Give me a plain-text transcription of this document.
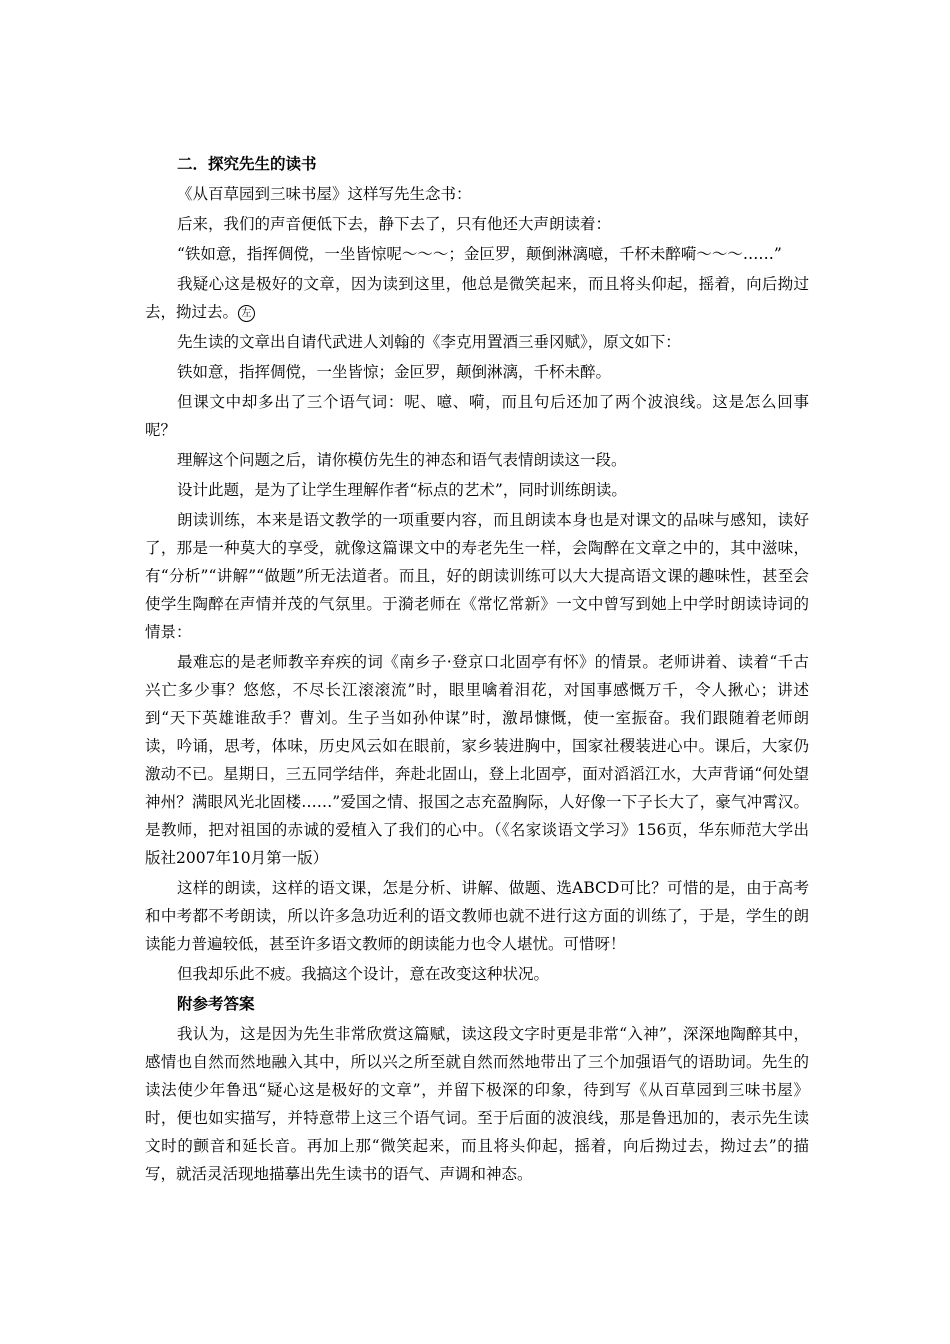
二．探究先生的读书

《从百草园到三味书屋》这样写先生念书：

后来，我们的声音便低下去，静下去了，只有他还大声朗读着：

“铁如意，指挥倜傥，一坐皆惊呢～～～；金叵罗，颠倒淋漓噫，千杯未醉嗬～～～……”

我疑心这是极好的文章，因为读到这里，他总是微笑起来，而且将头仰起，摇着，向后拗过去，拗过去。 左

先生读的文章出自请代武进人刘翰的《李克用置酒三垂冈赋》，原文如下：

铁如意，指挥倜傥，一坐皆惊；金叵罗，颠倒淋漓，千杯未醉。

但课文中却多出了三个语气词：呢、噫、嗬，而且句后还加了两个波浪线。这是怎么回事呢？

理解这个问题之后，请你模仿先生的神态和语气表情朗读这一段。

设计此题，是为了让学生理解作者“标点的艺术”，同时训练朗读。

朗读训练，本来是语文教学的一项重要内容，而且朗读本身也是对课文的品味与感知，读好了，那是一种莫大的享受，就像这篇课文中的寿老先生一样，会陶醉在文章之中的，其中滋味，有“分析”“讲解”“做题”所无法道者。而且，好的朗读训练可以大大提高语文课的趣味性，甚至会使学生陶醉在声情并茂的气氛里。于漪老师在《常忆常新》一文中曾写到她上中学时朗读诗词的情景：

最难忘的是老师教辛弃疾的词《南乡子·登京口北固亭有怀》的情景。老师讲着、读着“千古兴亡多少事？悠悠，不尽长江滚滚流”时，眼里噙着泪花，对国事感慨万千，令人揪心；讲述到“天下英雄谁敌手？曹刘。生子当如孙仲谋”时，激昂慷慨，使一室振奋。我们跟随着老师朗读，吟诵，思考，体味，历史风云如在眼前，家乡装进胸中，国家社稷装进心中。课后，大家仍激动不已。星期日，三五同学结伴，奔赴北固山，登上北固亭，面对滔滔江水，大声背诵“何处望神州？满眼风光北固楼……”爱国之情、报国之志充盈胸际，人好像一下子长大了，豪气冲霄汉。是教师，把对祖国的赤诚的爱植入了我们的心中。（《名家谈语文学习》156页，华东师范大学出版社2007年10月第一版）

这样的朗读，这样的语文课，怎是分析、讲解、做题、选ABCD可比？可惜的是，由于高考和中考都不考朗读，所以许多急功近利的语文教师也就不进行这方面的训练了，于是，学生的朗读能力普遍较低，甚至许多语文教师的朗读能力也令人堪忧。可惜呀！

但我却乐此不疲。我搞这个设计，意在改变这种状况。

附参考答案

我认为，这是因为先生非常欣赏这篇赋，读这段文字时更是非常“入神”，深深地陶醉其中，感情也自然而然地融入其中，所以兴之所至就自然而然地带出了三个加强语气的语助词。先生的读法使少年鲁迅“疑心这是极好的文章”，并留下极深的印象，待到写《从百草园到三味书屋》时，便也如实描写，并特意带上这三个语气词。至于后面的波浪线，那是鲁迅加的，表示先生读文时的颤音和延长音。再加上那“微笑起来，而且将头仰起，摇着，向后拗过去，拗过去”的描写，就活灵活现地描摹出先生读书的语气、声调和神态。
